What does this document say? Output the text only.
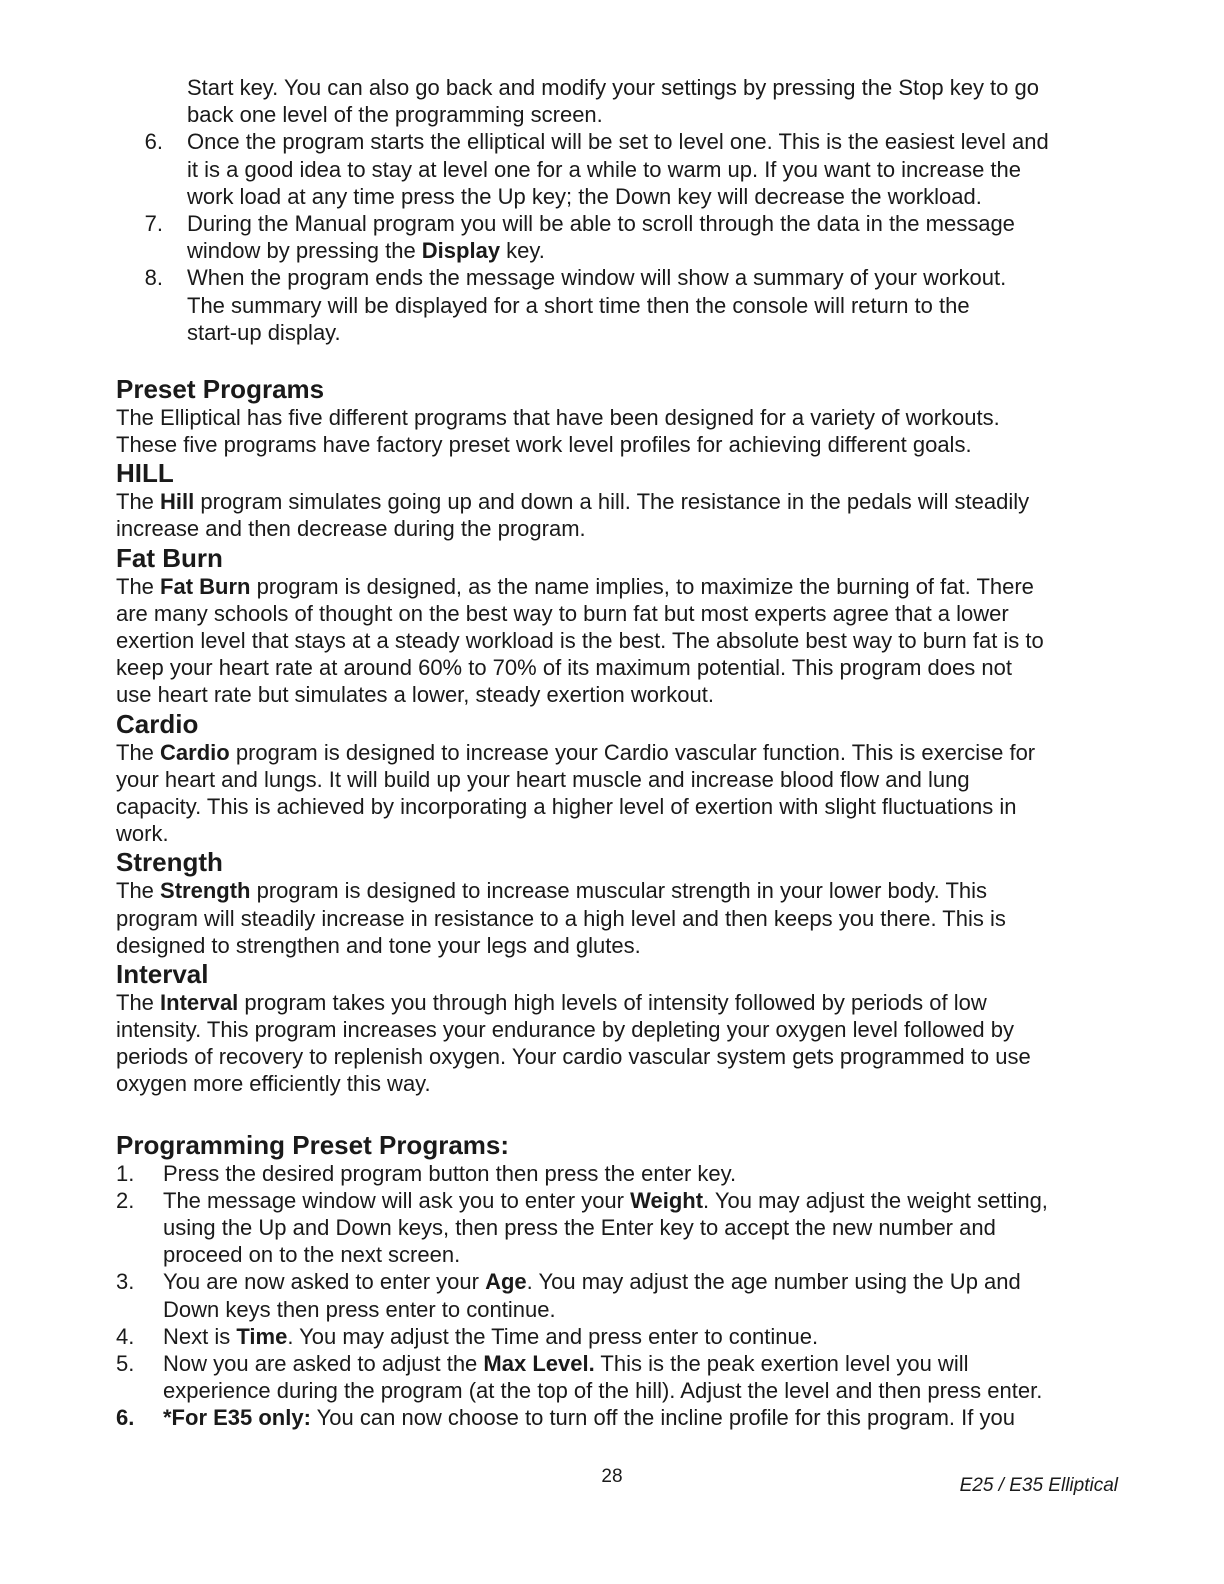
Start key. You can also go back and modify your settings by pressing the Stop key to go
back one level of the programming screen.
6. Once the program starts the elliptical will be set to level one. This is the easiest level and
it is a good idea to stay at level one for a while to warm up. If you want to increase the
work load at any time press the Up key; the Down key will decrease the workload.
7. During the Manual program you will be able to scroll through the data in the message
window by pressing the Display key.
8. When the program ends the message window will show a summary of your workout.
The summary will be displayed for a short time then the console will return to the
start-up display.
Preset Programs
The Elliptical has five different programs that have been designed for a variety of workouts.
These five programs have factory preset work level profiles for achieving different goals.
HILL
The Hill program simulates going up and down a hill. The resistance in the pedals will steadily
increase and then decrease during the program.
Fat Burn
The Fat Burn program is designed, as the name implies, to maximize the burning of fat. There
are many schools of thought on the best way to burn fat but most experts agree that a lower
exertion level that stays at a steady workload is the best. The absolute best way to burn fat is to
keep your heart rate at around 60% to 70% of its maximum potential. This program does not
use heart rate but simulates a lower, steady exertion workout.
Cardio
The Cardio program is designed to increase your Cardio vascular function. This is exercise for
your heart and lungs. It will build up your heart muscle and increase blood flow and lung
capacity. This is achieved by incorporating a higher level of exertion with slight fluctuations in
work.
Strength
The Strength program is designed to increase muscular strength in your lower body. This
program will steadily increase in resistance to a high level and then keeps you there. This is
designed to strengthen and tone your legs and glutes.
Interval
The Interval program takes you through high levels of intensity followed by periods of low
intensity. This program increases your endurance by depleting your oxygen level followed by
periods of recovery to replenish oxygen. Your cardio vascular system gets programmed to use
oxygen more efficiently this way.
Programming Preset Programs:
1. Press the desired program button then press the enter key.
2. The message window will ask you to enter your Weight. You may adjust the weight setting,
using the Up and Down keys, then press the Enter key to accept the new number and
proceed on to the next screen.
3. You are now asked to enter your Age. You may adjust the age number using the Up and
Down keys then press enter to continue.
4. Next is Time. You may adjust the Time and press enter to continue.
5. Now you are asked to adjust the Max Level. This is the peak exertion level you will
experience during the program (at the top of the hill). Adjust the level and then press enter.
6. *For E35 only: You can now choose to turn off the incline profile for this program. If you
28	E25 / E35 Elliptical
